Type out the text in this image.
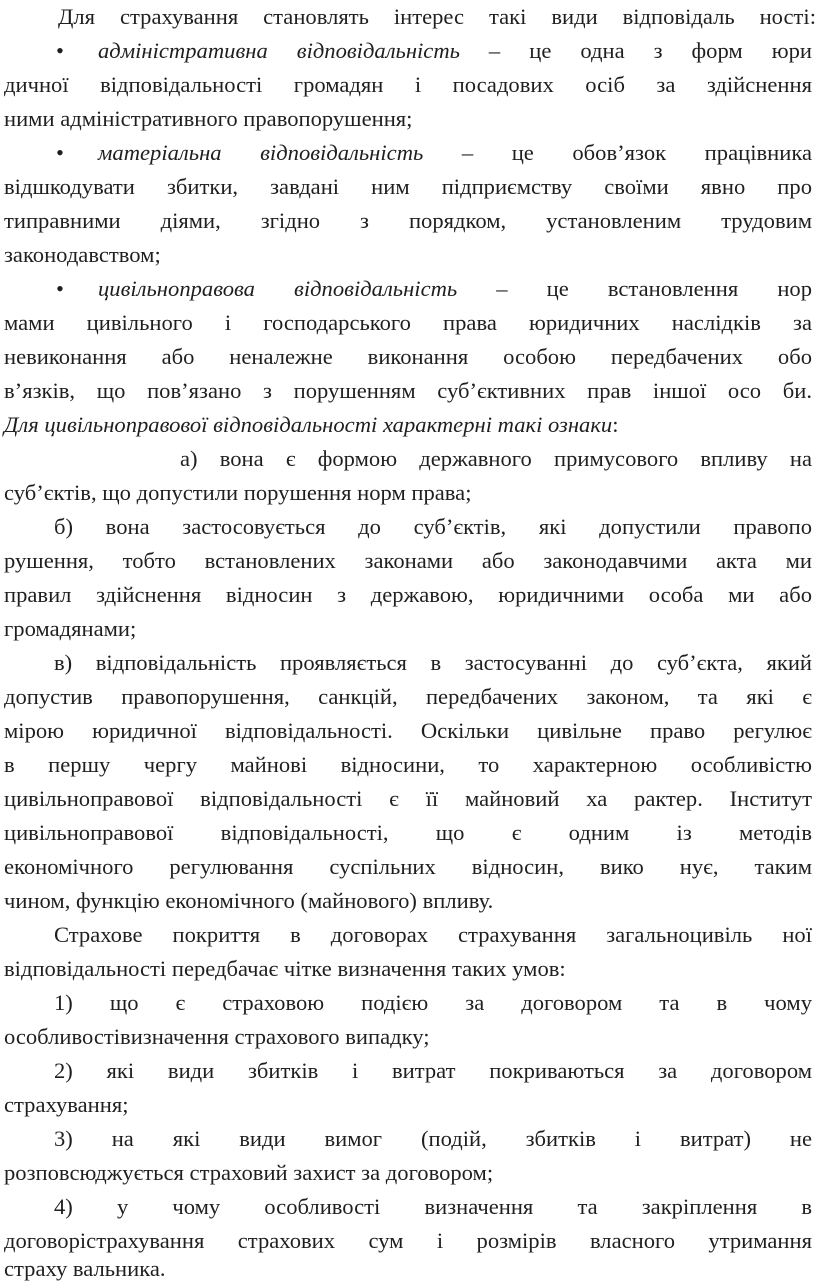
Для страхування становлять інтерес такі види відповідаль ності:
• адміністративна відповідальність – це одна з форм юри
дичної відповідальності громадян і посадових осіб за здійснення
ними адміністративного правопорушення;
• матеріальна відповідальність – це обов’язок працівника
відшкодувати збитки, завдані ним підприємству своїми явно про
типравними діями, згідно з порядком, установленим трудовим
законодавством;
• цивільноправова відповідальність – це встановлення нор
мами цивільного і господарського права юридичних наслідків за
невиконання або неналежне виконання особою передбачених обо
в’язків, що пов’язано з порушенням суб’єктивних прав іншої осо би.
Для цивільноправової відповідальності характерні такі ознаки:
а) вона є формою державного примусового впливу на
суб’єктів, що допустили порушення норм права;
б) вона застосовується до суб’єктів, які допустили правопо
рушення, тобто встановлених законами або законодавчими акта ми
правил здійснення відносин з державою, юридичними особа ми або
громадянами;
в) відповідальність проявляється в застосуванні до суб’єкта, який
допустив правопорушення, санкцій, передбачених законом, та які є
мірою юридичної відповідальності. Оскільки цивільне право регулює
в першу чергу майнові відносини, то характерною особливістю
цивільноправової відповідальності є її майновий ха рактер. Інститут
цивільноправової відповідальності, що є одним із методів
економічного регулювання суспільних відносин, вико нує, таким
чином, функцію економічного (майнового) впливу.
Страхове покриття в договорах страхування загальноцивіль ної
відповідальності передбачає чітке визначення таких умов:
1) що є страховою подією за договором та в чому
особливостівизначення страхового випадку;
2) які види збитків і витрат покриваються за договором
страхування;
3) на які види вимог (подій, збитків і витрат) не
розповсюджується страховий захист за договором;
4) у чому особливості визначення та закріплення в
договорістрахування страхових сум і розмірів власного утримання
страху вальника.
